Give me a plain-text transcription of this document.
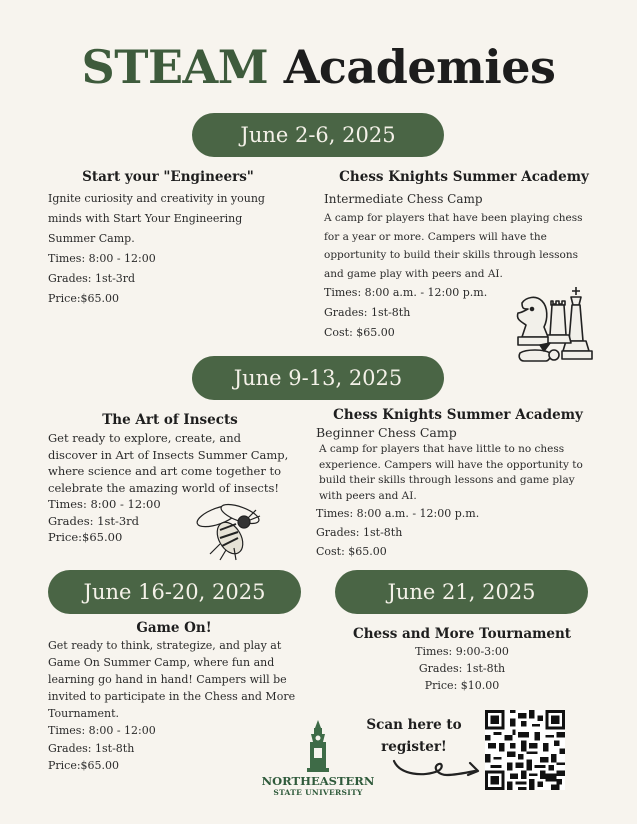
STEAM Academies
June 2-6, 2025
June 9-13, 2025
June 16-20, 2025	June 21, 2025
Start your "Engineers"
Ignite curiosity and creativity in young minds with Start Your Engineering Summer Camp.
Times: 8:00 - 12:00
Grades: 1st-3rd
Price:$65.00
Chess Knights Summer Academy
Intermediate Chess Camp
A camp for players that have been playing chess for a year or more. Campers will have the opportunity to build their skills through lessons and game play with peers and AI.
Times: 8:00 a.m. - 12:00 p.m.
Grades: 1st-8th
Cost: $65.00
The Art of Insects
Get ready to explore, create, and discover in Art of Insects Summer Camp, where science and art come together to celebrate the amazing world of insects!
Times: 8:00 - 12:00
Grades: 1st-3rd
Price:$65.00
Chess Knights Summer Academy
Beginner Chess Camp
A camp for players that have little to no chess experience. Campers will have the opportunity to build their skills through lessons and game play with peers and AI.
Times: 8:00 a.m. - 12:00 p.m.
Grades: 1st-8th
Cost: $65.00
Game On!
Get ready to think, strategize, and play at Game On Summer Camp, where fun and learning go hand in hand! Campers will be invited to participate in the Chess and More Tournament.
Times: 8:00 - 12:00
Grades: 1st-8th
Price:$65.00
Chess and More Tournament
Times: 9:00-3:00
Grades: 1st-8th
Price: $10.00
NORTHEASTERN
STATE UNIVERSITY
Scan here to
register!
